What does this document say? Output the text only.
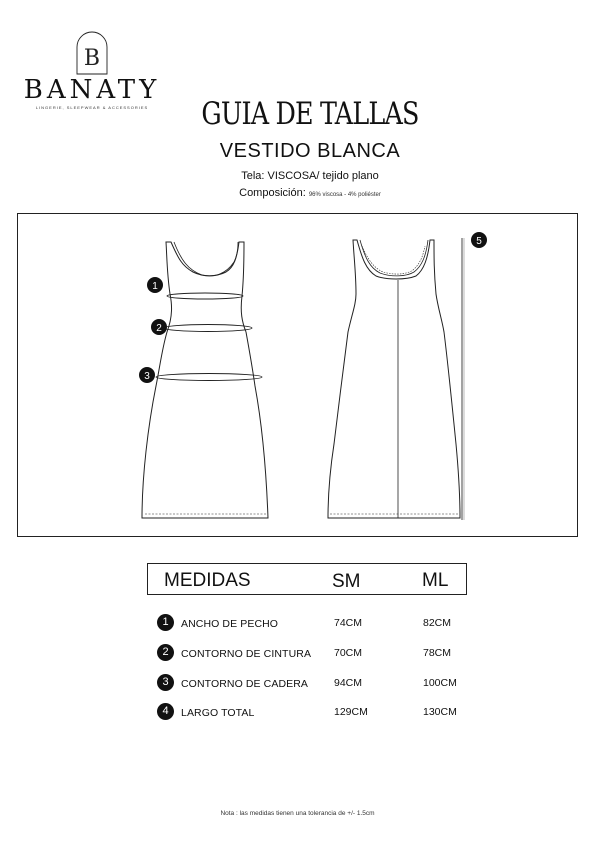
B
BANATY
LINGERIE, SLEEPWEAR & ACCESSORIES	GUIA DE TALLAS
VESTIDO BLANCA
Tela: VISCOSA/ tejido plano
Composición: 96% viscosa - 4% poliéster
1
2
3
5
MEDIDAS	SM	ML
1	ANCHO DE PECHO	74CM	82CM
2	CONTORNO DE CINTURA 70CM	78CM
3	CONTORNO DE CADERA 94CM	100CM
4	LARGO TOTAL	129CM	130CM
Nota : las medidas tienen una tolerancia de +/- 1.5cm
